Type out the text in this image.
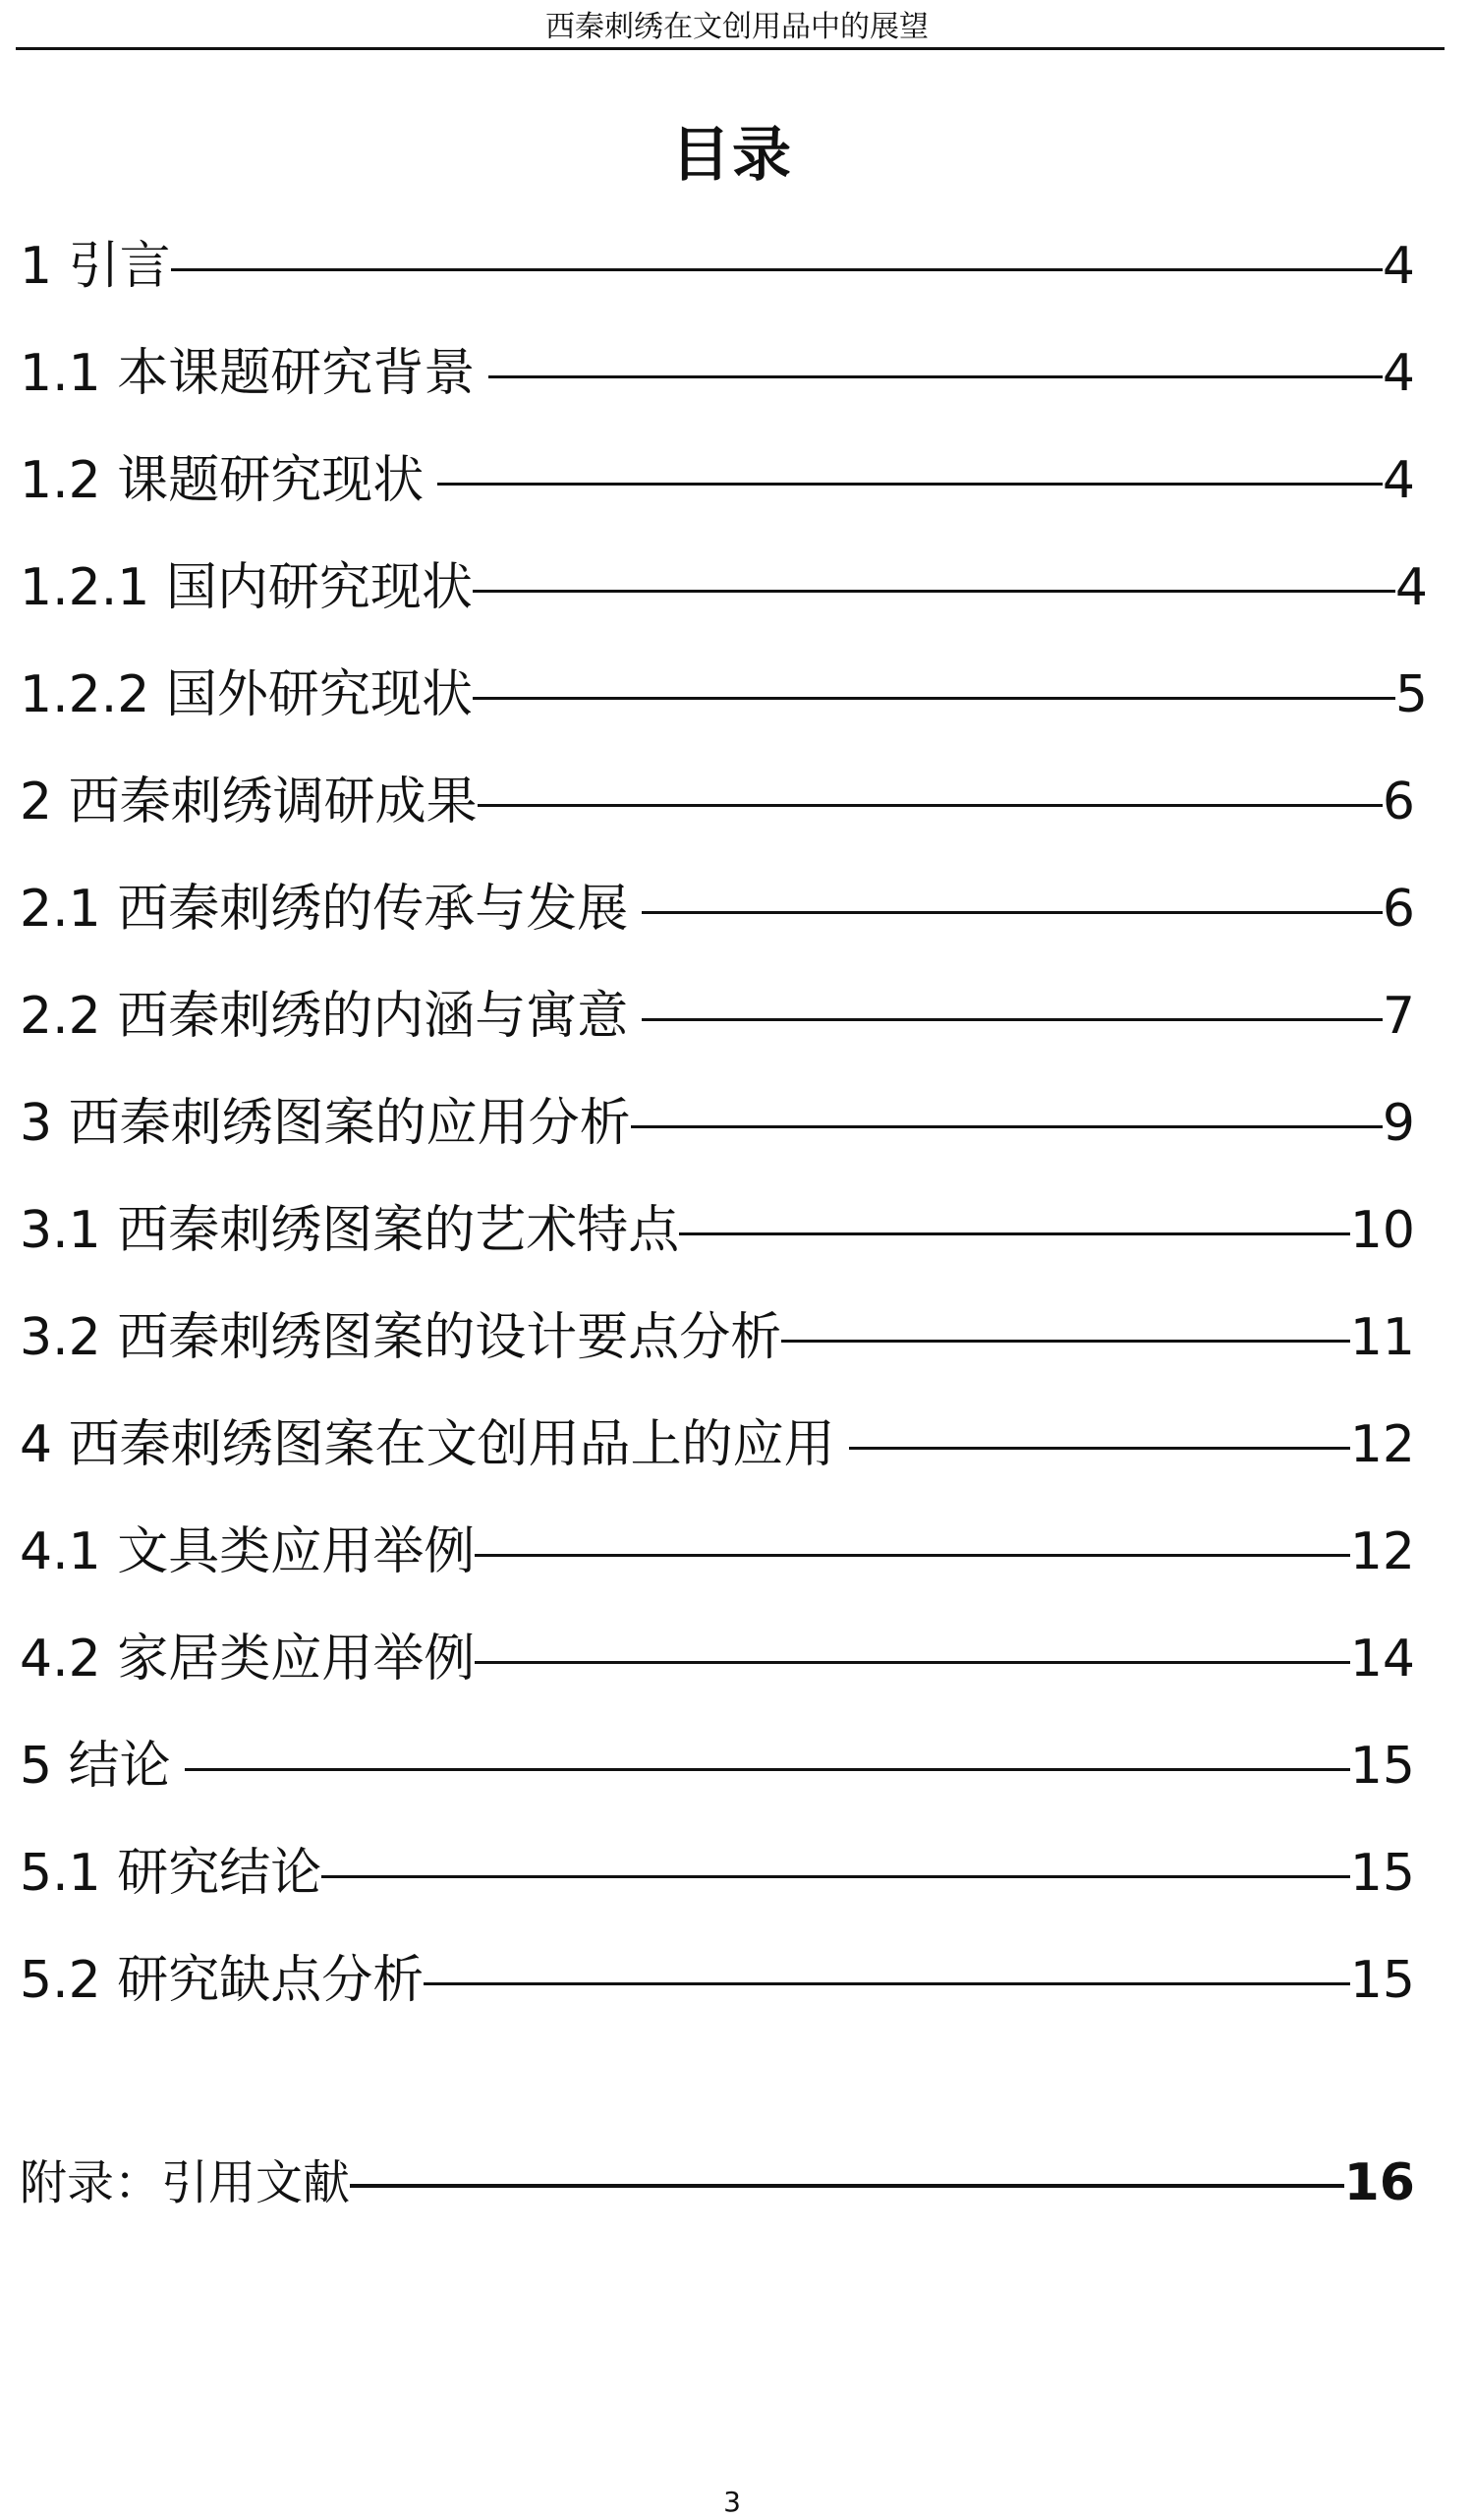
西秦刺绣在文创用品中的展望
目录
1 引言	4
1.1 本课题研究背景	4
1.2 课题研究现状	4
1.2.1 国内研究现状	4
1.2.2 国外研究现状	5
2 西秦刺绣调研成果	6
2.1 西秦刺绣的传承与发展	6
2.2 西秦刺绣的内涵与寓意	7
3 西秦刺绣图案的应用分析	9
3.1 西秦刺绣图案的艺术特点	10
3.2 西秦刺绣图案的设计要点分析	11
4 西秦刺绣图案在文创用品上的应用	12
4.1 文具类应用举例	12
4.2 家居类应用举例	14
5 结论	15
5.1 研究结论	15
5.2 研究缺点分析	15
附录：引用文献	16
3
